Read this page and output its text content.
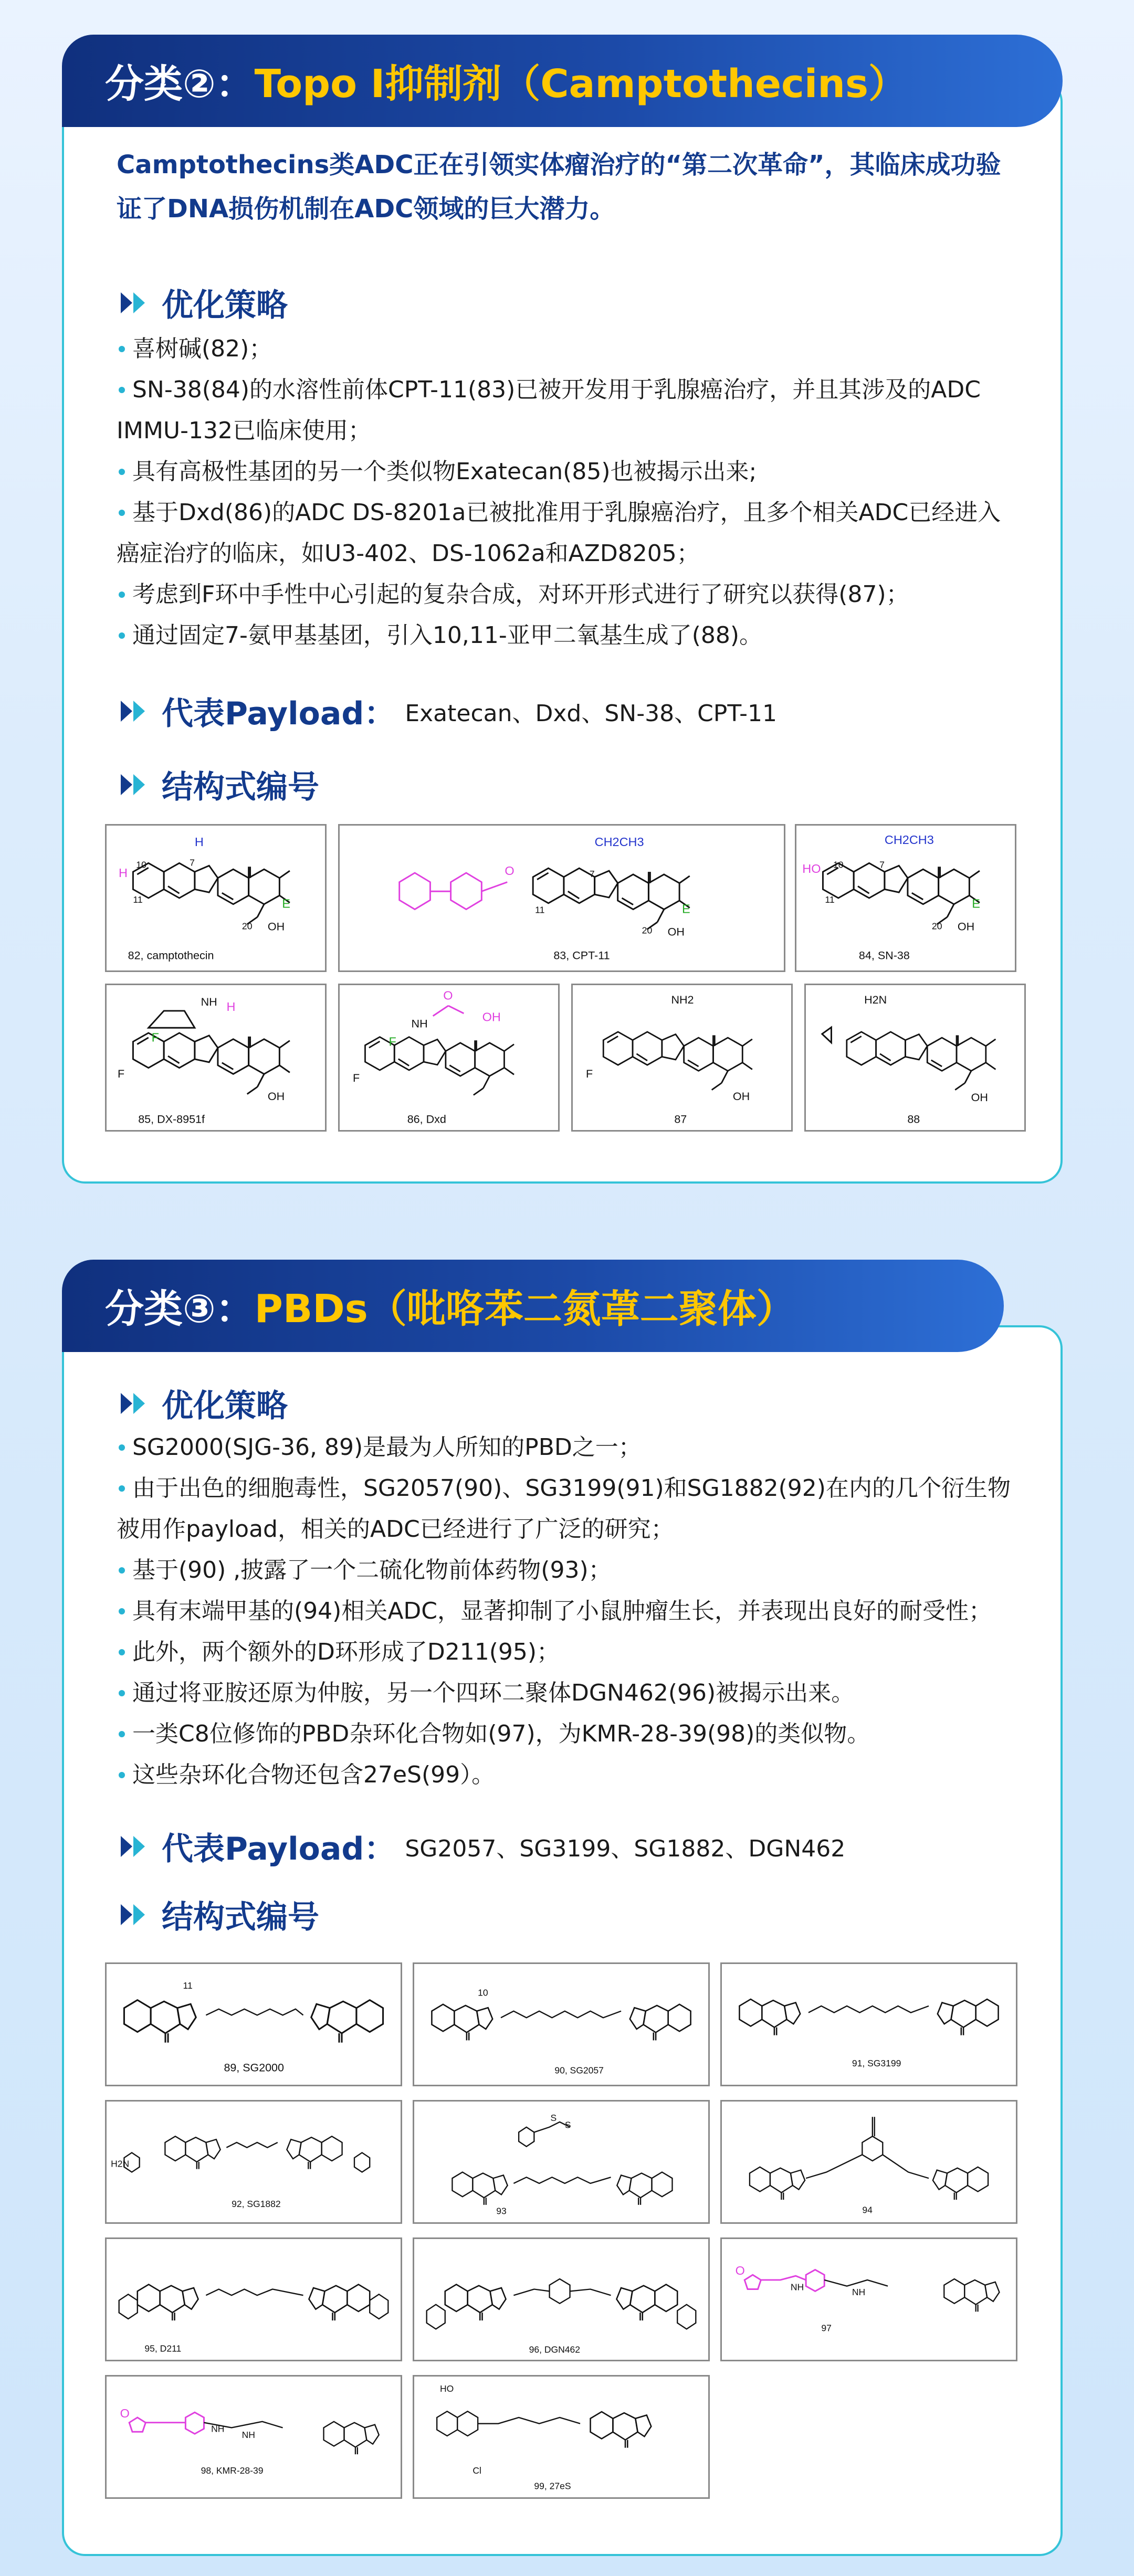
Camptothecins类ADC正在引领实体瘤治疗的“第二次革命”，其临床成功验证了DNA损伤机制在ADC领域的巨大潜力。
优化策略
喜树碱(82)；
SN-38(84)的水溶性前体CPT-11(83)已被开发用于乳腺癌治疗，并且其涉及的ADC IMMU-132已临床使用；
具有高极性基团的另一个类似物Exatecan(85)也被揭示出来;
基于Dxd(86)的ADC DS-8201a已被批准用于乳腺癌治疗，且多个相关ADC已经进入癌症治疗的临床，如U3-402、DS-1062a和AZD8205；
考虑到F环中手性中心引起的复杂合成，对环开形式进行了研究以获得(87)；
通过固定7-氨甲基基团，引入10,11-亚甲二氧基生成了(88)。
代表Payload： Exatecan、Dxd、SN-38、CPT-11
结构式编号
H
H
10
11
7
E
20 OH
82, camptothecin
O
CH2CH3
7
11	E
20 OH
83, CPT-11
HO
CH2CH3
10
11
7
E
20 OH
84, SN-38
NH H
F
F
OH
85, DX-8951f
O
OH
NH
F
F
86, Dxd
NH2
F
OH
87
H2N
OH
88
分类②： Topo I抑制剂（Camptothecins）
优化策略
SG2000(SJG-36, 89)是最为人所知的PBD之一；
由于出色的细胞毒性，SG2057(90)、SG3199(91)和SG1882(92)在内的几个衍生物被用作payload，相关的ADC已经进行了广泛的研究；
基于(90) ,披露了一个二硫化物前体药物(93)；
具有末端甲基的(94)相关ADC，显著抑制了小鼠肿瘤生长，并表现出良好的耐受性；
此外，两个额外的D环形成了D211(95)；
通过将亚胺还原为仲胺，另一个四环二聚体DGN462(96)被揭示出来。
一类C8位修饰的PBD杂环化合物如(97)，为KMR-28-39(98)的类似物。
这些杂环化合物还包含27eS(99）。
代表Payload： SG2057、SG3199、SG1882、DGN462
结构式编号
11
89, SG2000
10
90, SG2057
91, SG3199
H2N
92, SG1882
S
S
93	94
95, D211	96, DGN462
O
NH	NH
97
O
NH
NH
98, KMR-28-39
HO
Cl
99, 27eS
分类③： PBDs（吡咯苯二氮䓬二聚体）
